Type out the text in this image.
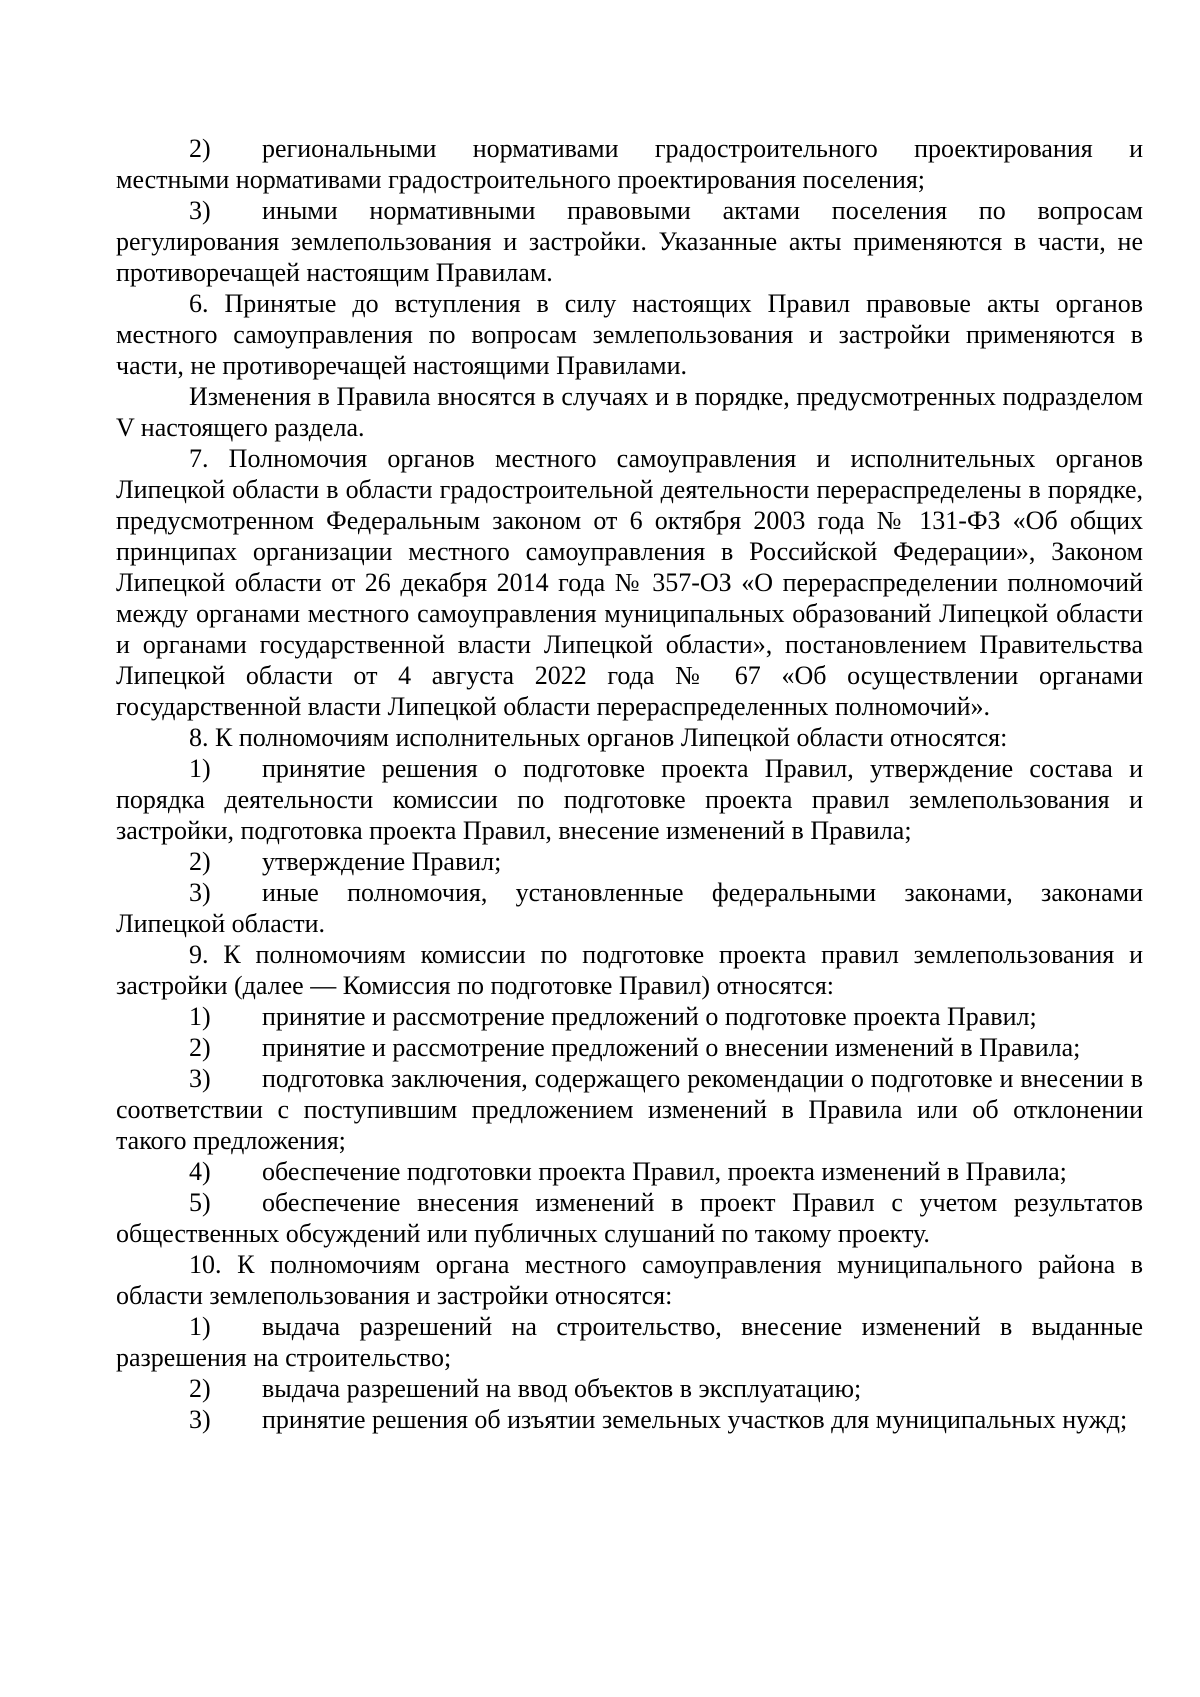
2) региональными нормативами градостроительного проектирования и местными нормативами градостроительного проектирования поселения;

3) иными нормативными правовыми актами поселения по вопросам регулирования землепользования и застройки. Указанные акты применяются в части, не противоречащей настоящим Правилам.

6. Принятые до вступления в силу настоящих Правил правовые акты органов местного самоуправления по вопросам землепользования и застройки применяются в части, не противоречащей настоящими Правилами.

Изменения в Правила вносятся в случаях и в порядке, предусмотренных подразделом V настоящего раздела.

7. Полномочия органов местного самоуправления и исполнительных органов Липецкой области в области градостроительной деятельности перераспределены в порядке, предусмотренном Федеральным законом от 6 октября 2003 года № 131-ФЗ «Об общих принципах организации местного самоуправления в Российской Федерации», Законом Липецкой области от 26 декабря 2014 года № 357-ОЗ «О перераспределении полномочий между органами местного самоуправления муниципальных образований Липецкой области и органами государственной власти Липецкой области», постановлением Правительства Липецкой области от 4 августа 2022 года № 67 «Об осуществлении органами государственной власти Липецкой области перераспределенных полномочий».

8. К полномочиям исполнительных органов Липецкой области относятся:

1) принятие решения о подготовке проекта Правил, утверждение состава и порядка деятельности комиссии по подготовке проекта правил землепользования и застройки, подготовка проекта Правил, внесение изменений в Правила;

2) утверждение Правил;

3) иные полномочия, установленные федеральными законами, законами Липецкой области.

9. К полномочиям комиссии по подготовке проекта правил землепользования и застройки (далее — Комиссия по подготовке Правил) относятся:

1) принятие и рассмотрение предложений о подготовке проекта Правил;

2) принятие и рассмотрение предложений о внесении изменений в Правила;

3) подготовка заключения, содержащего рекомендации о подготовке и внесении в соответствии с поступившим предложением изменений в Правила или об отклонении такого предложения;

4) обеспечение подготовки проекта Правил, проекта изменений в Правила;

5) обеспечение внесения изменений в проект Правил с учетом результатов общественных обсуждений или публичных слушаний по такому проекту.

10. К полномочиям органа местного самоуправления муниципального района в области землепользования и застройки относятся:

1) выдача разрешений на строительство, внесение изменений в выданные разрешения на строительство;

2) выдача разрешений на ввод объектов в эксплуатацию;

3) принятие решения об изъятии земельных участков для муниципальных нужд;
